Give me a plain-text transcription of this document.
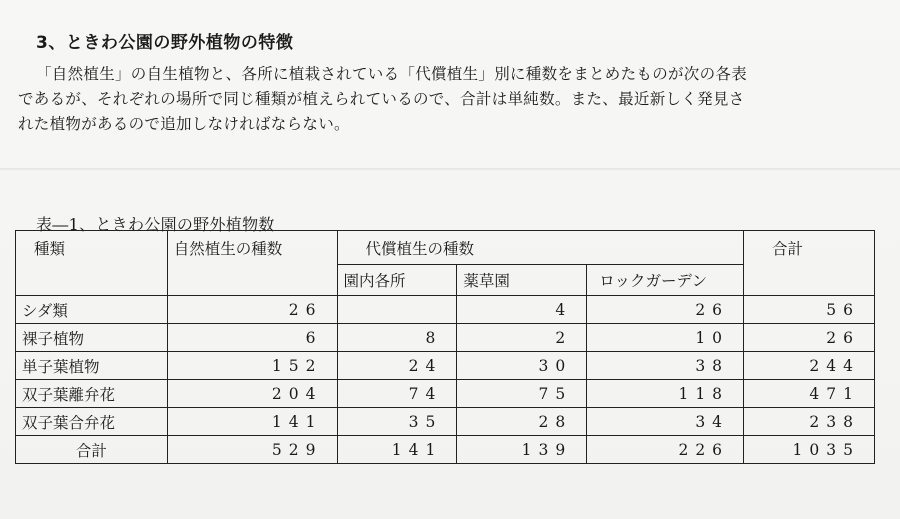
3、ときわ公園の野外植物の特徴

「自然植生」の自生植物と、各所に植栽されている「代償植生」別に種数をまとめたものが次の各表

であるが、それぞれの場所で同じ種類が植えられているので、合計は単純数。また、最近新しく発見さ

れた植物があるので追加しなければならない。

表―1、ときわ公園の野外植物数
種類	自然植生の種数	代償植生の種数			合計
		園内各所	薬草園	ロックガーデン	
シダ類	26		4	26	56
裸子植物	6	8	2	10	26
単子葉植物	152	24	30	38	244
双子葉離弁花	204	74	75	118	471
双子葉合弁花	141	35	28	34	238
合計	529	141	139	226	1035
